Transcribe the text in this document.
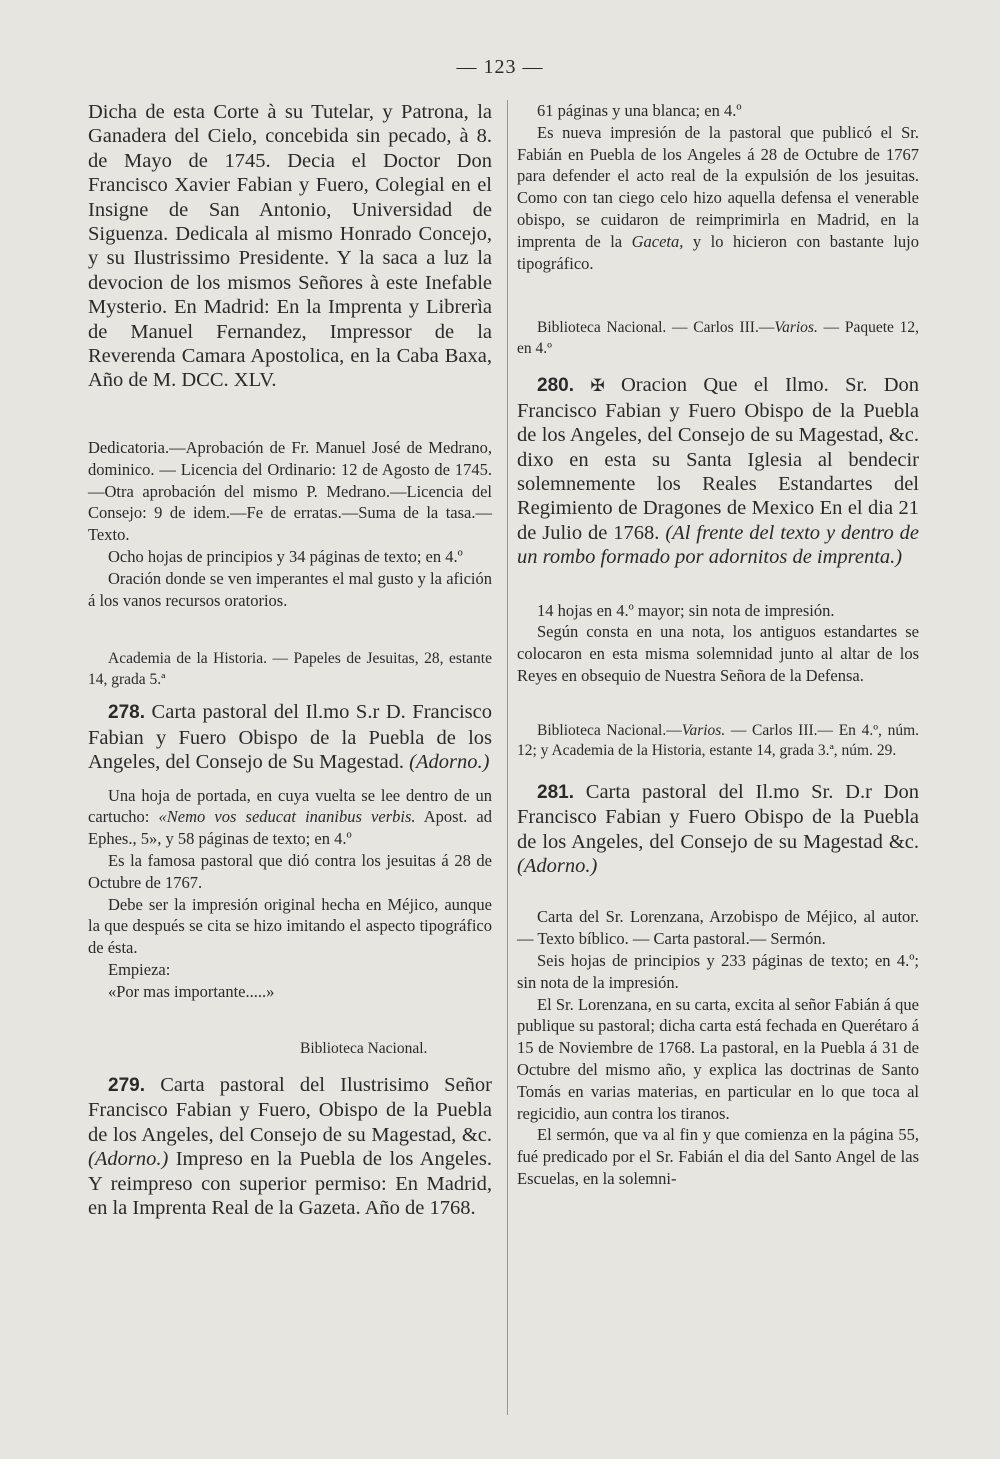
— 123 —

Dicha de esta Corte à su Tutelar, y Patrona, la Ganadera del Cielo, concebida sin pecado, à 8. de Mayo de 1745. Decia el Doctor Don Francisco Xavier Fabian y Fuero, Colegial en el Insigne de San Antonio, Universidad de Siguenza. Dedicala al mismo Honrado Concejo, y su Ilustrissimo Presidente. Y la saca a luz la devocion de los mismos Señores à este Inefable Mysterio. En Madrid: En la Imprenta y Librerìa de Manuel Fernandez, Impressor de la Reverenda Camara Apostolica, en la Caba Baxa, Año de M. DCC. XLV.

Dedicatoria.—Aprobación de Fr. Manuel José de Medrano, dominico. — Licencia del Ordinario: 12 de Agosto de 1745.—Otra aprobación del mismo P. Medrano.—Licencia del Consejo: 9 de idem.—Fe de erratas.—Suma de la tasa.—Texto.

Ocho hojas de principios y 34 páginas de texto; en 4.º

Oración donde se ven imperantes el mal gusto y la afición á los vanos recursos oratorios.

Academia de la Historia. — Papeles de Jesuitas, 28, estante 14, grada 5.ª

278. Carta pastoral del Il.mo S.r D. Francisco Fabian y Fuero Obispo de la Puebla de los Angeles, del Consejo de Su Magestad. (Adorno.)

Una hoja de portada, en cuya vuelta se lee dentro de un cartucho: «Nemo vos seducat inanibus verbis. Apost. ad Ephes., 5», y 58 páginas de texto; en 4.º

Es la famosa pastoral que dió contra los jesuitas á 28 de Octubre de 1767.

Debe ser la impresión original hecha en Méjico, aunque la que después se cita se hizo imitando el aspecto tipográfico de ésta.

Empieza:

«Por mas importante.....»

Biblioteca Nacional.

279. Carta pastoral del Ilustrisimo Señor Francisco Fabian y Fuero, Obispo de la Puebla de los Angeles, del Consejo de su Magestad, &c. (Adorno.) Impreso en la Puebla de los Angeles. Y reimpreso con superior permiso: En Madrid, en la Imprenta Real de la Gazeta. Año de 1768.

61 páginas y una blanca; en 4.º

Es nueva impresión de la pastoral que publicó el Sr. Fabián en Puebla de los Angeles á 28 de Octubre de 1767 para defender el acto real de la expulsión de los jesuitas. Como con tan ciego celo hizo aquella defensa el venerable obispo, se cuidaron de reimprimirla en Madrid, en la imprenta de la Gaceta, y lo hicieron con bastante lujo tipográfico.

Biblioteca Nacional. — Carlos III.—Varios. — Paquete 12, en 4.º

280. ✠ Oracion Que el Ilmo. Sr. Don Francisco Fabian y Fuero Obispo de la Puebla de los Angeles, del Consejo de su Magestad, &c. dixo en esta su Santa Iglesia al bendecir solemnemente los Reales Estandartes del Regimiento de Dragones de Mexico En el dia 21 de Julio de 1768. (Al frente del texto y dentro de un rombo formado por adornitos de imprenta.)

14 hojas en 4.º mayor; sin nota de impresión.

Según consta en una nota, los antiguos estandartes se colocaron en esta misma solemnidad junto al altar de los Reyes en obsequio de Nuestra Señora de la Defensa.

Biblioteca Nacional.—Varios. — Carlos III.— En 4.º, núm. 12; y Academia de la Historia, estante 14, grada 3.ª, núm. 29.

281. Carta pastoral del Il.mo Sr. D.r Don Francisco Fabian y Fuero Obispo de la Puebla de los Angeles, del Consejo de su Magestad &c. (Adorno.)

Carta del Sr. Lorenzana, Arzobispo de Méjico, al autor. — Texto bíblico. — Carta pastoral.— Sermón.

Seis hojas de principios y 233 páginas de texto; en 4.º; sin nota de la impresión.

El Sr. Lorenzana, en su carta, excita al señor Fabián á que publique su pastoral; dicha carta está fechada en Querétaro á 15 de Noviembre de 1768. La pastoral, en la Puebla á 31 de Octubre del mismo año, y explica las doctrinas de Santo Tomás en varias materias, en particular en lo que toca al regicidio, aun contra los tiranos.

El sermón, que va al fin y que comienza en la página 55, fué predicado por el Sr. Fabián el dia del Santo Angel de las Escuelas, en la solemni-
